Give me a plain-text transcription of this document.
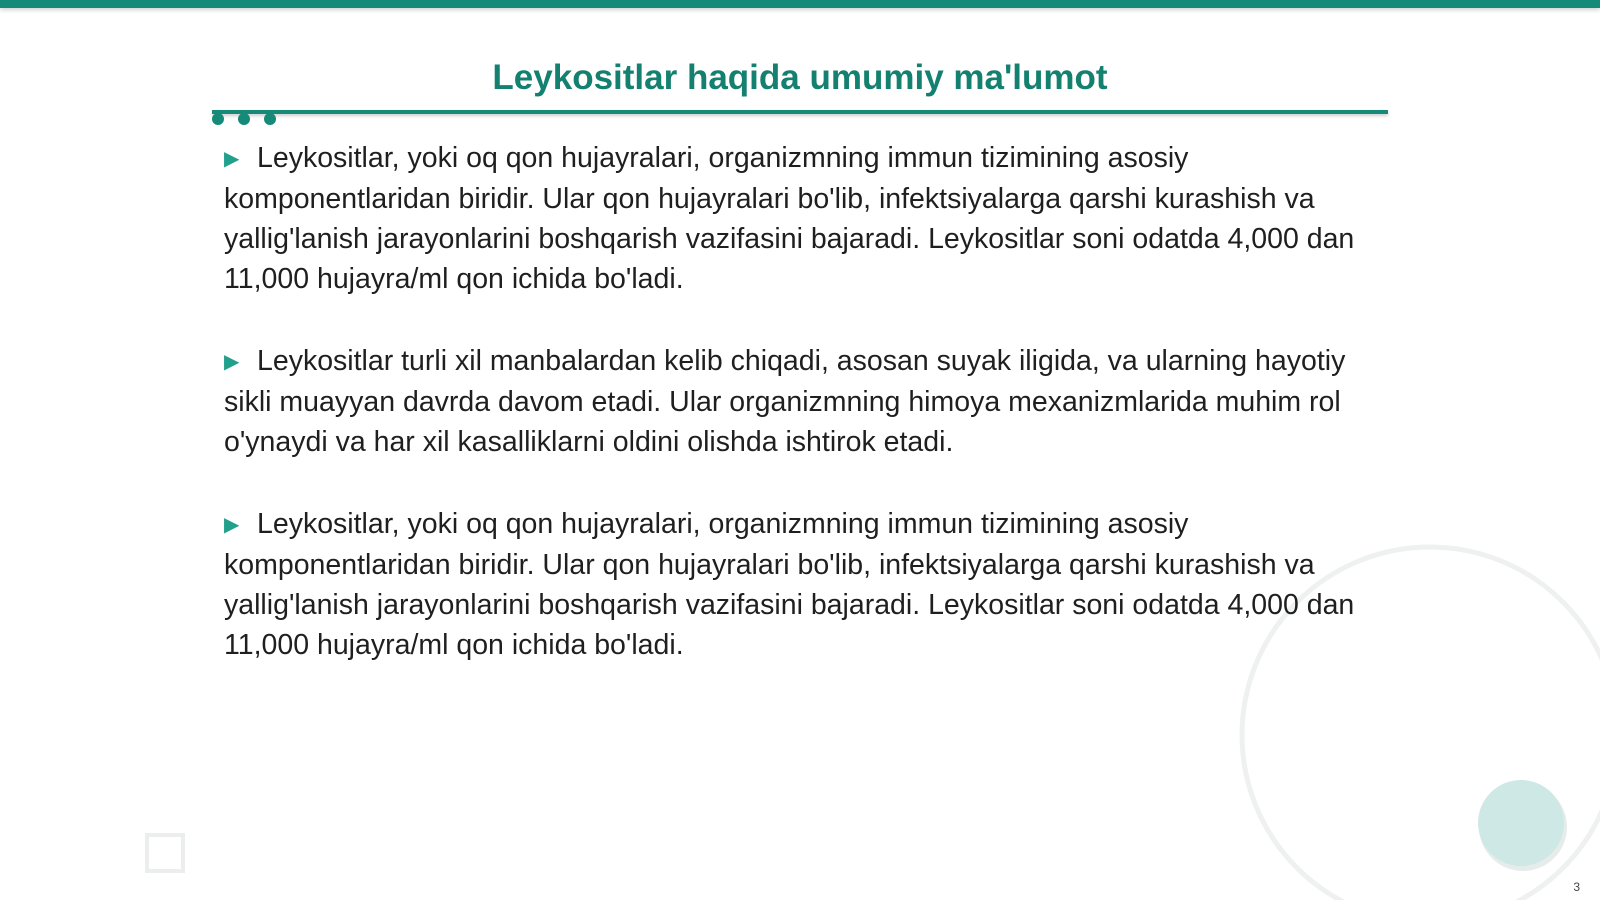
Leykositlar haqida umumiy ma'lumot

▶ Leykositlar, yoki oq qon hujayralari, organizmning immun tizimining asosiy komponentlaridan biridir. Ular qon hujayralari bo'lib, infektsiyalarga qarshi kurashish va yallig'lanish jarayonlarini boshqarish vazifasini bajaradi. Leykositlar soni odatda 4,000 dan 11,000 hujayra/ml qon ichida bo'ladi.

▶ Leykositlar turli xil manbalardan kelib chiqadi, asosan suyak iligida, va ularning hayotiy sikli muayyan davrda davom etadi. Ular organizmning himoya mexanizmlarida muhim rol o'ynaydi va har xil kasalliklarni oldini olishda ishtirok etadi.

▶ Leykositlar, yoki oq qon hujayralari, organizmning immun tizimining asosiy komponentlaridan biridir. Ular qon hujayralari bo'lib, infektsiyalarga qarshi kurashish va yallig'lanish jarayonlarini boshqarish vazifasini bajaradi. Leykositlar soni odatda 4,000 dan 11,000 hujayra/ml qon ichida bo'ladi.

3
